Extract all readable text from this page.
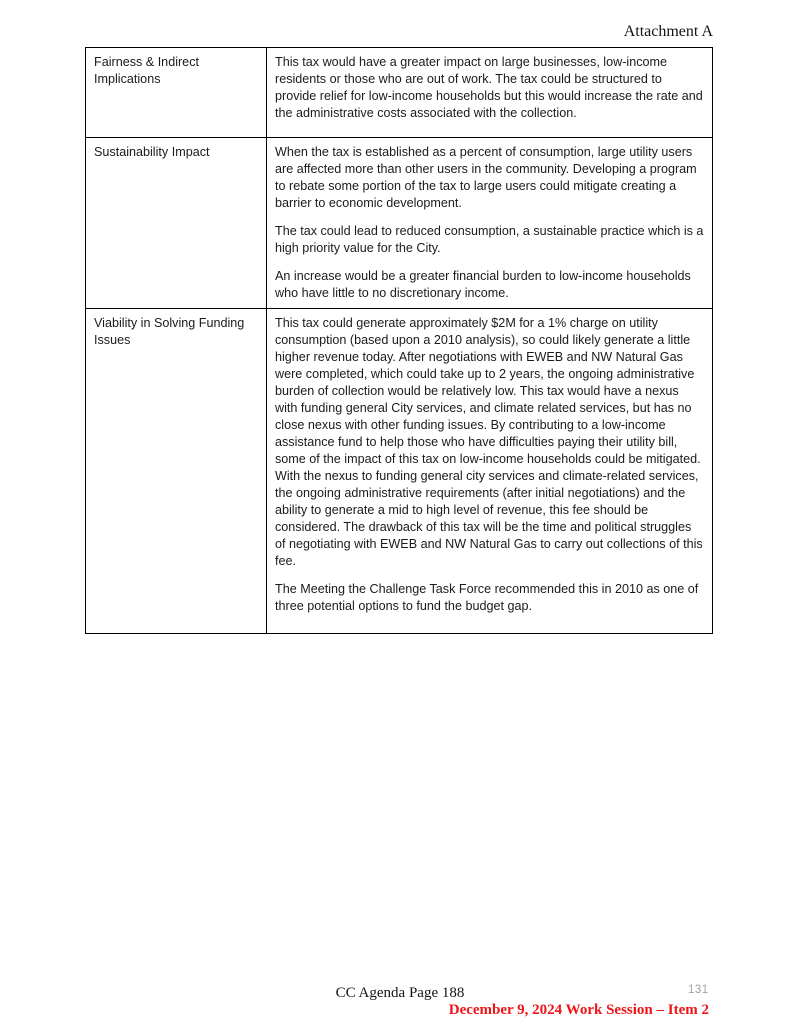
Attachment A
Fairness & Indirect Implications	This tax would have a greater impact on large businesses, low-income residents or those who are out of work. The tax could be structured to provide relief for low-income households but this would increase the rate and the administrative costs associated with the collection.

Sustainability Impact	When the tax is established as a percent of consumption, large utility users are affected more than other users in the community. Developing a program to rebate some portion of the tax to large users could mitigate creating a barrier to economic development.

The tax could lead to reduced consumption, a sustainable practice which is a high priority value for the City.

An increase would be a greater financial burden to low-income households who have little to no discretionary income.

Viability in Solving Funding Issues	This tax could generate approximately $2M for a 1% charge on utility consumption (based upon a 2010 analysis), so could likely generate a little higher revenue today. After negotiations with EWEB and NW Natural Gas were completed, which could take up to 2 years, the ongoing administrative burden of collection would be relatively low. This tax would have a nexus with funding general City services, and climate related services, but has no close nexus with other funding issues. By contributing to a low-income assistance fund to help those who have difficulties paying their utility bill, some of the impact of this tax on low-income households could be mitigated. With the nexus to funding general city services and climate-related services, the ongoing administrative requirements (after initial negotiations) and the ability to generate a mid to high level of revenue, this fee should be considered. The drawback of this tax will be the time and political struggles of negotiating with EWEB and NW Natural Gas to carry out collections of this fee.

The Meeting the Challenge Task Force recommended this in 2010 as one of three potential options to fund the budget gap.

CC Agenda Page 188	131
December 9, 2024 Work Session – Item 2
